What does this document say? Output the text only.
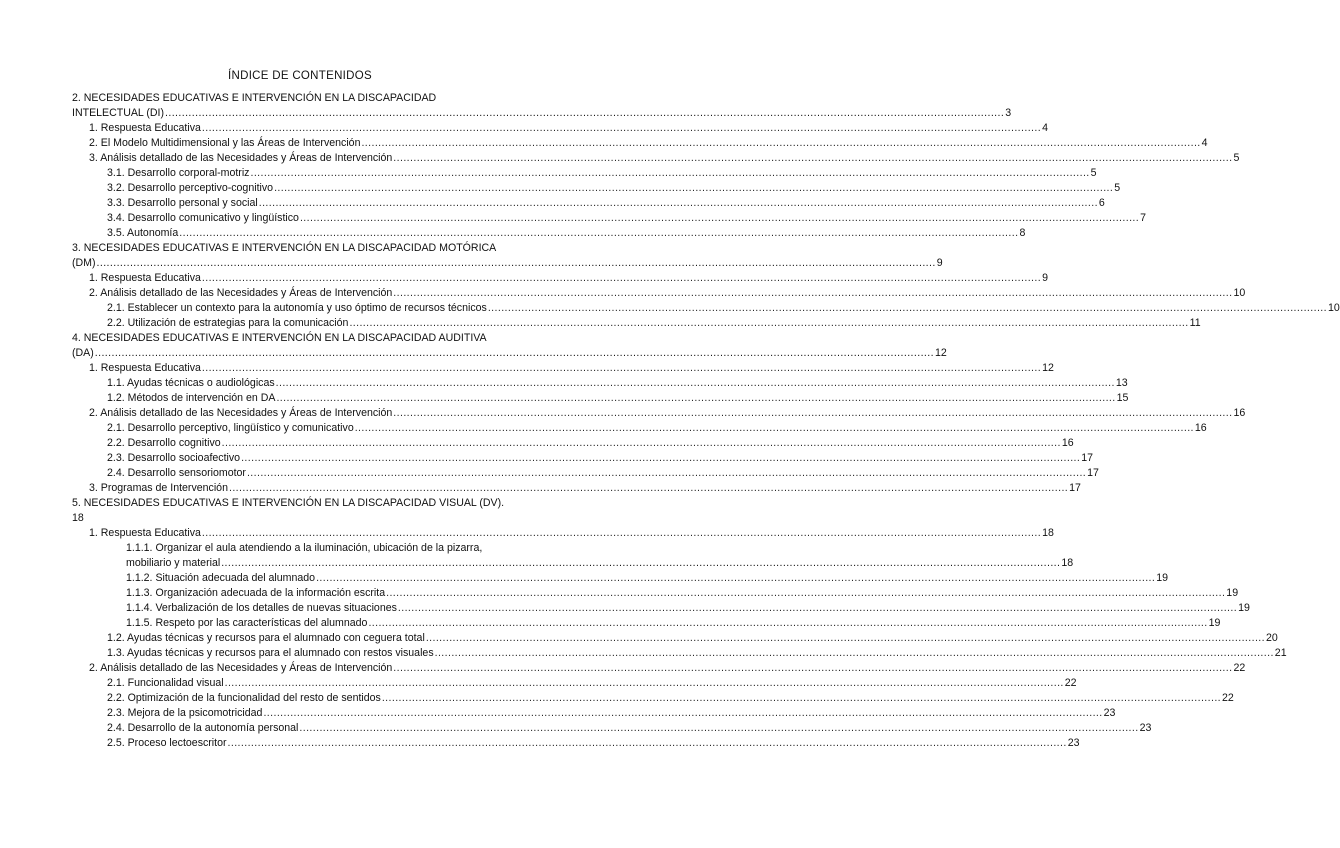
ÍNDICE DE CONTENIDOS
2. NECESIDADES EDUCATIVAS E INTERVENCIÓN EN LA DISCAPACIDAD
INTELECTUAL (DI) .....	3
1. Respuesta Educativa .....	4
2. El Modelo Multidimensional y las Áreas de Intervención .....	4
3. Análisis detallado de las Necesidades y Áreas de Intervención .....	5
3.1. Desarrollo corporal-motriz .....	5
3.2. Desarrollo perceptivo-cognitivo .....	5
3.3. Desarrollo personal y social .....	6
3.4. Desarrollo comunicativo y lingüístico .....	7
3.5. Autonomía .....	8
3. NECESIDADES EDUCATIVAS E INTERVENCIÓN EN LA DISCAPACIDAD MOTÓRICA
(DM) .....	9
1. Respuesta Educativa .....	9
2. Análisis detallado de las Necesidades y Áreas de Intervención .....	10
2.1. Establecer un contexto para la autonomía y uso óptimo de recursos técnicos .....	10
2.2. Utilización de estrategias para la comunicación .....	11
4. NECESIDADES EDUCATIVAS E INTERVENCIÓN EN LA DISCAPACIDAD AUDITIVA
(DA) .....	12
1. Respuesta Educativa .....	12
1.1. Ayudas técnicas o audiológicas .....	13
1.2. Métodos de intervención en DA .....	15
2. Análisis detallado de las Necesidades y Áreas de Intervención .....	16
2.1. Desarrollo perceptivo, lingüístico y comunicativo .....	16
2.2. Desarrollo cognitivo .....	16
2.3. Desarrollo socioafectivo .....	17
2.4. Desarrollo sensoriomotor .....	17
3. Programas de Intervención .....	17
5. NECESIDADES EDUCATIVAS E INTERVENCIÓN EN LA DISCAPACIDAD VISUAL (DV).
18
1. Respuesta Educativa .....	18
1.1.1. Organizar el aula atendiendo a la iluminación, ubicación de la pizarra,
mobiliario y material .....	18
1.1.2. Situación adecuada del alumnado .....	19
1.1.3. Organización adecuada de la información escrita .....	19
1.1.4. Verbalización de los detalles de nuevas situaciones .....	19
1.1.5. Respeto por las características del alumnado .....	19
1.2. Ayudas técnicas y recursos para el alumnado con ceguera total .....	20
1.3. Ayudas técnicas y recursos para el alumnado con restos visuales .....	21
2. Análisis detallado de las Necesidades y Áreas de Intervención .....	22
2.1. Funcionalidad visual .....	22
2.2. Optimización de la funcionalidad del resto de sentidos .....	22
2.3. Mejora de la psicomotricidad .....	23
2.4. Desarrollo de la autonomía personal .....	23
2.5. Proceso lectoescritor .....	23
